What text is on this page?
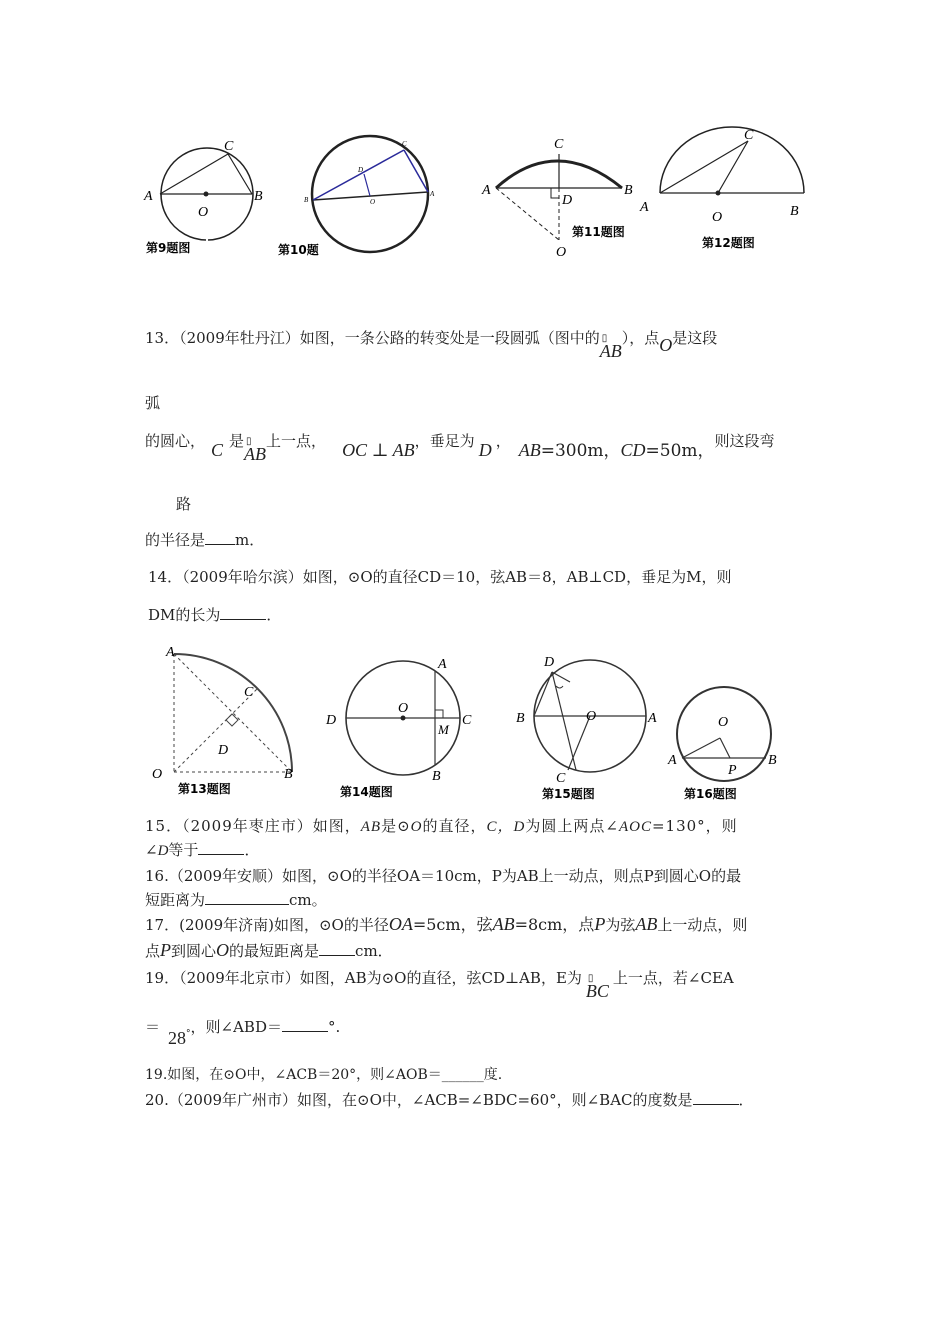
A	B
C
O
第9题图
B
A
C
D
O
第10题
A	B
C
D
O
第11题图
A	B
C
O
第12题图
13．（2009年牡丹江）如图，一条公路的转变处是一段圆弧（图中的 ▯
AB），点O是这段
弧
的圆心， C 是 ▯
AB上一点， OC ⊥ AB，垂足为 D ， AB=300m，CD=50m，则这段弯
路
的半径是 m．
14．（2009年哈尔滨）如图，⊙O的直径CD＝10，弦AB＝8，AB⊥CD，垂足为M，则
DM的长为	．
A
B
C
D
O
第13题图
A
B
C
D
M
O
第14题图
A
B
C
D
O
第15题图
A	B
O
P
第16题图
15．（2009年枣庄市）如图，AB是⊙O的直径，C，D为圆上两点∠AOC=130°，则
∠D等于	．
16.（2009年安顺）如图，⊙O的半径OA＝10cm，P为AB上一动点，则点P到圆心O的最
短距离为	cm。
17．(2009年济南)如图，⊙O的半径OA=5cm，弦AB=8cm，点P为弦AB上一动点，则
点P到圆心O的最短距离是 cm．
19．（2009年北京市）如图，AB为⊙O的直径，弦CD⊥AB，E为 ▯
BC上一点，若∠CEA
$=28^\circ$，则∠ABD＝	°.
19.如图，在⊙O中，∠ACB＝20°，则∠AOB＝______度.
20.（2009年广州市）如图，在⊙O中，∠ACB=∠BDC=60°，则∠BAC的度数是	．
